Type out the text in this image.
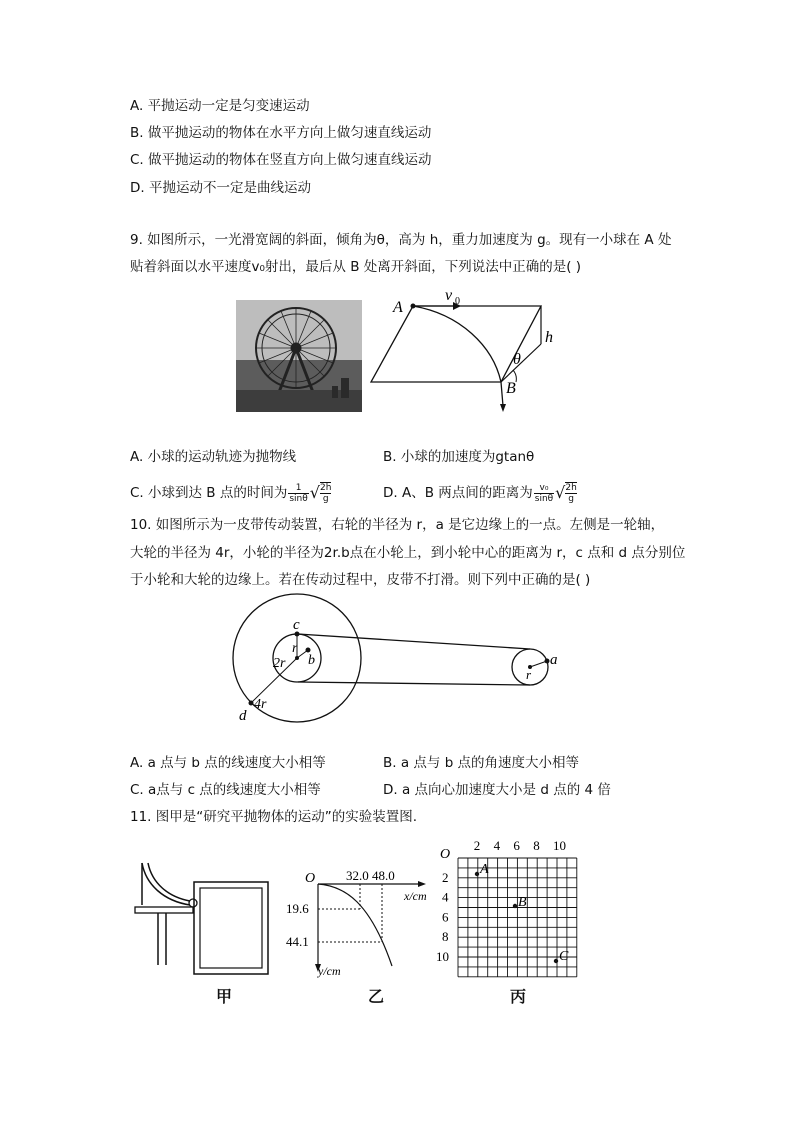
A. 平抛运动一定是匀变速运动
B. 做平抛运动的物体在水平方向上做匀速直线运动
C. 做平抛运动的物体在竖直方向上做匀速直线运动
D. 平抛运动不一定是曲线运动
9. 如图所示，一光滑宽阔的斜面，倾角为θ，高为 h，重力加速度为 g。现有一小球在 A 处
贴着斜面以水平速度v₀射出，最后从 B 处离开斜面，下列说法中正确的是( )
A
v 0
h
θ
B
A. 小球的运动轨迹为抛物线	B. 小球的加速度为gtanθ
C. 小球到达 B 点的时间为 $\frac{1}{\sin\theta}$ √ $\frac{2h}{g}$	D. A、B 两点间的距离为 $\frac{\text{v₀}}{\sin\theta}$ √ $\frac{2h}{g}$
10. 如图所示为一皮带传动装置，右轮的半径为 r，a 是它边缘上的一点。左侧是一轮轴，
大轮的半径为 4r，小轮的半径为2r.b点在小轮上，到小轮中心的距离为 r，c 点和 d 点分别位
于小轮和大轮的边缘上。若在传动过程中，皮带不打滑。则下列中正确的是( )
c
r
2r b
d
4r
a
r
A. a 点与 b 点的线速度大小相等	B. a 点与 b 点的角速度大小相等
C. a点与 c 点的线速度大小相等	D. a 点向心加速度大小是 d 点的 4 倍
11. 图甲是“研究平抛物体的运动”的实验装置图.
O 32.0 48.0
x/cm
19.6
44.1
y/cm
O
2 4 6 8 10
2
4
6
8
10
A
B
C
甲	乙	丙
